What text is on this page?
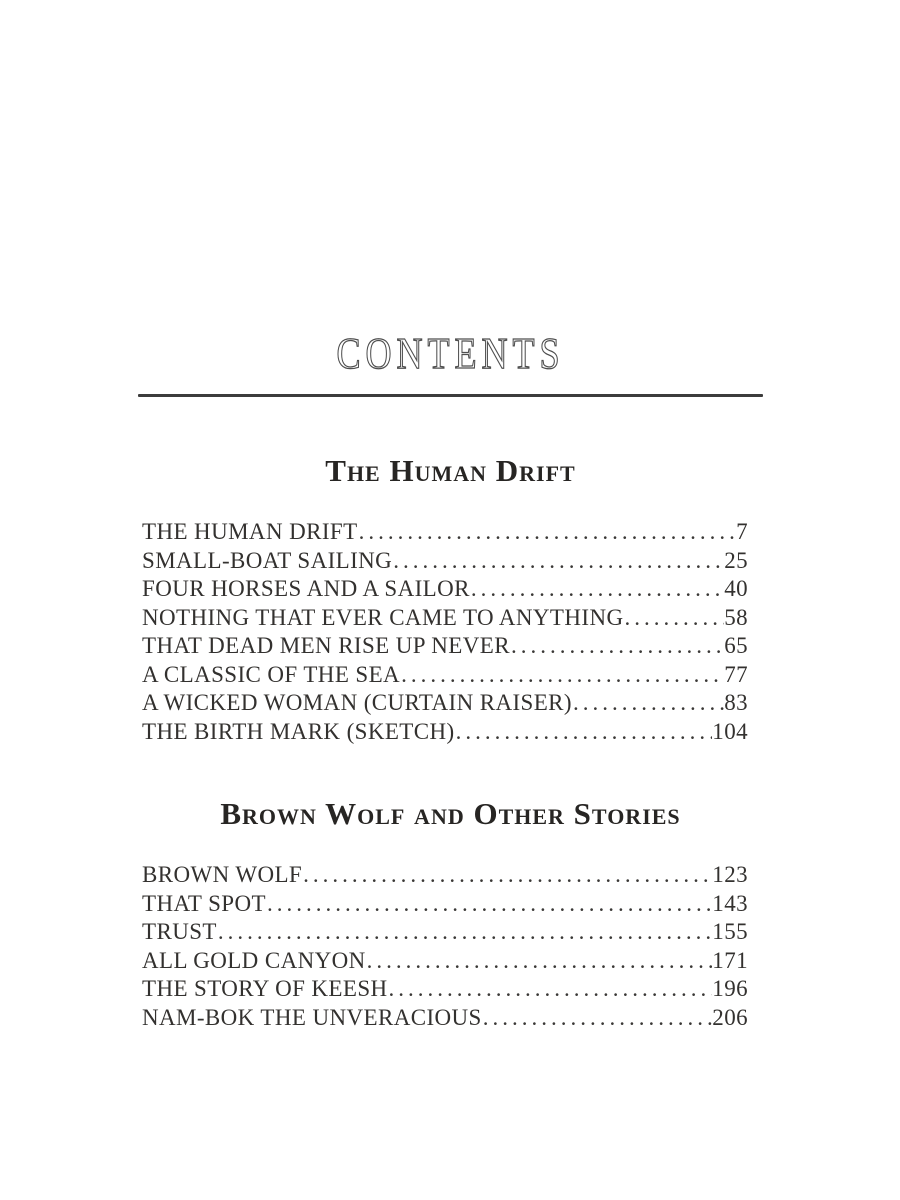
CONTENTS
The Human Drift
THE HUMAN DRIFT .....	7
SMALL-BOAT SAILING .....	25
FOUR HORSES AND A SAILOR .....	40
NOTHING THAT EVER CAME TO ANYTHING .....	58
THAT DEAD MEN RISE UP NEVER .....	65
A CLASSIC OF THE SEA .....	77
A WICKED WOMAN (CURTAIN RAISER) .....	83
THE BIRTH MARK (SKETCH) .....	104
Brown Wolf and Other Stories
BROWN WOLF .....	123
THAT SPOT .....	143
TRUST .....	155
ALL GOLD CANYON .....	171
THE STORY OF KEESH .....	196
NAM-BOK THE UNVERACIOUS .....	206
